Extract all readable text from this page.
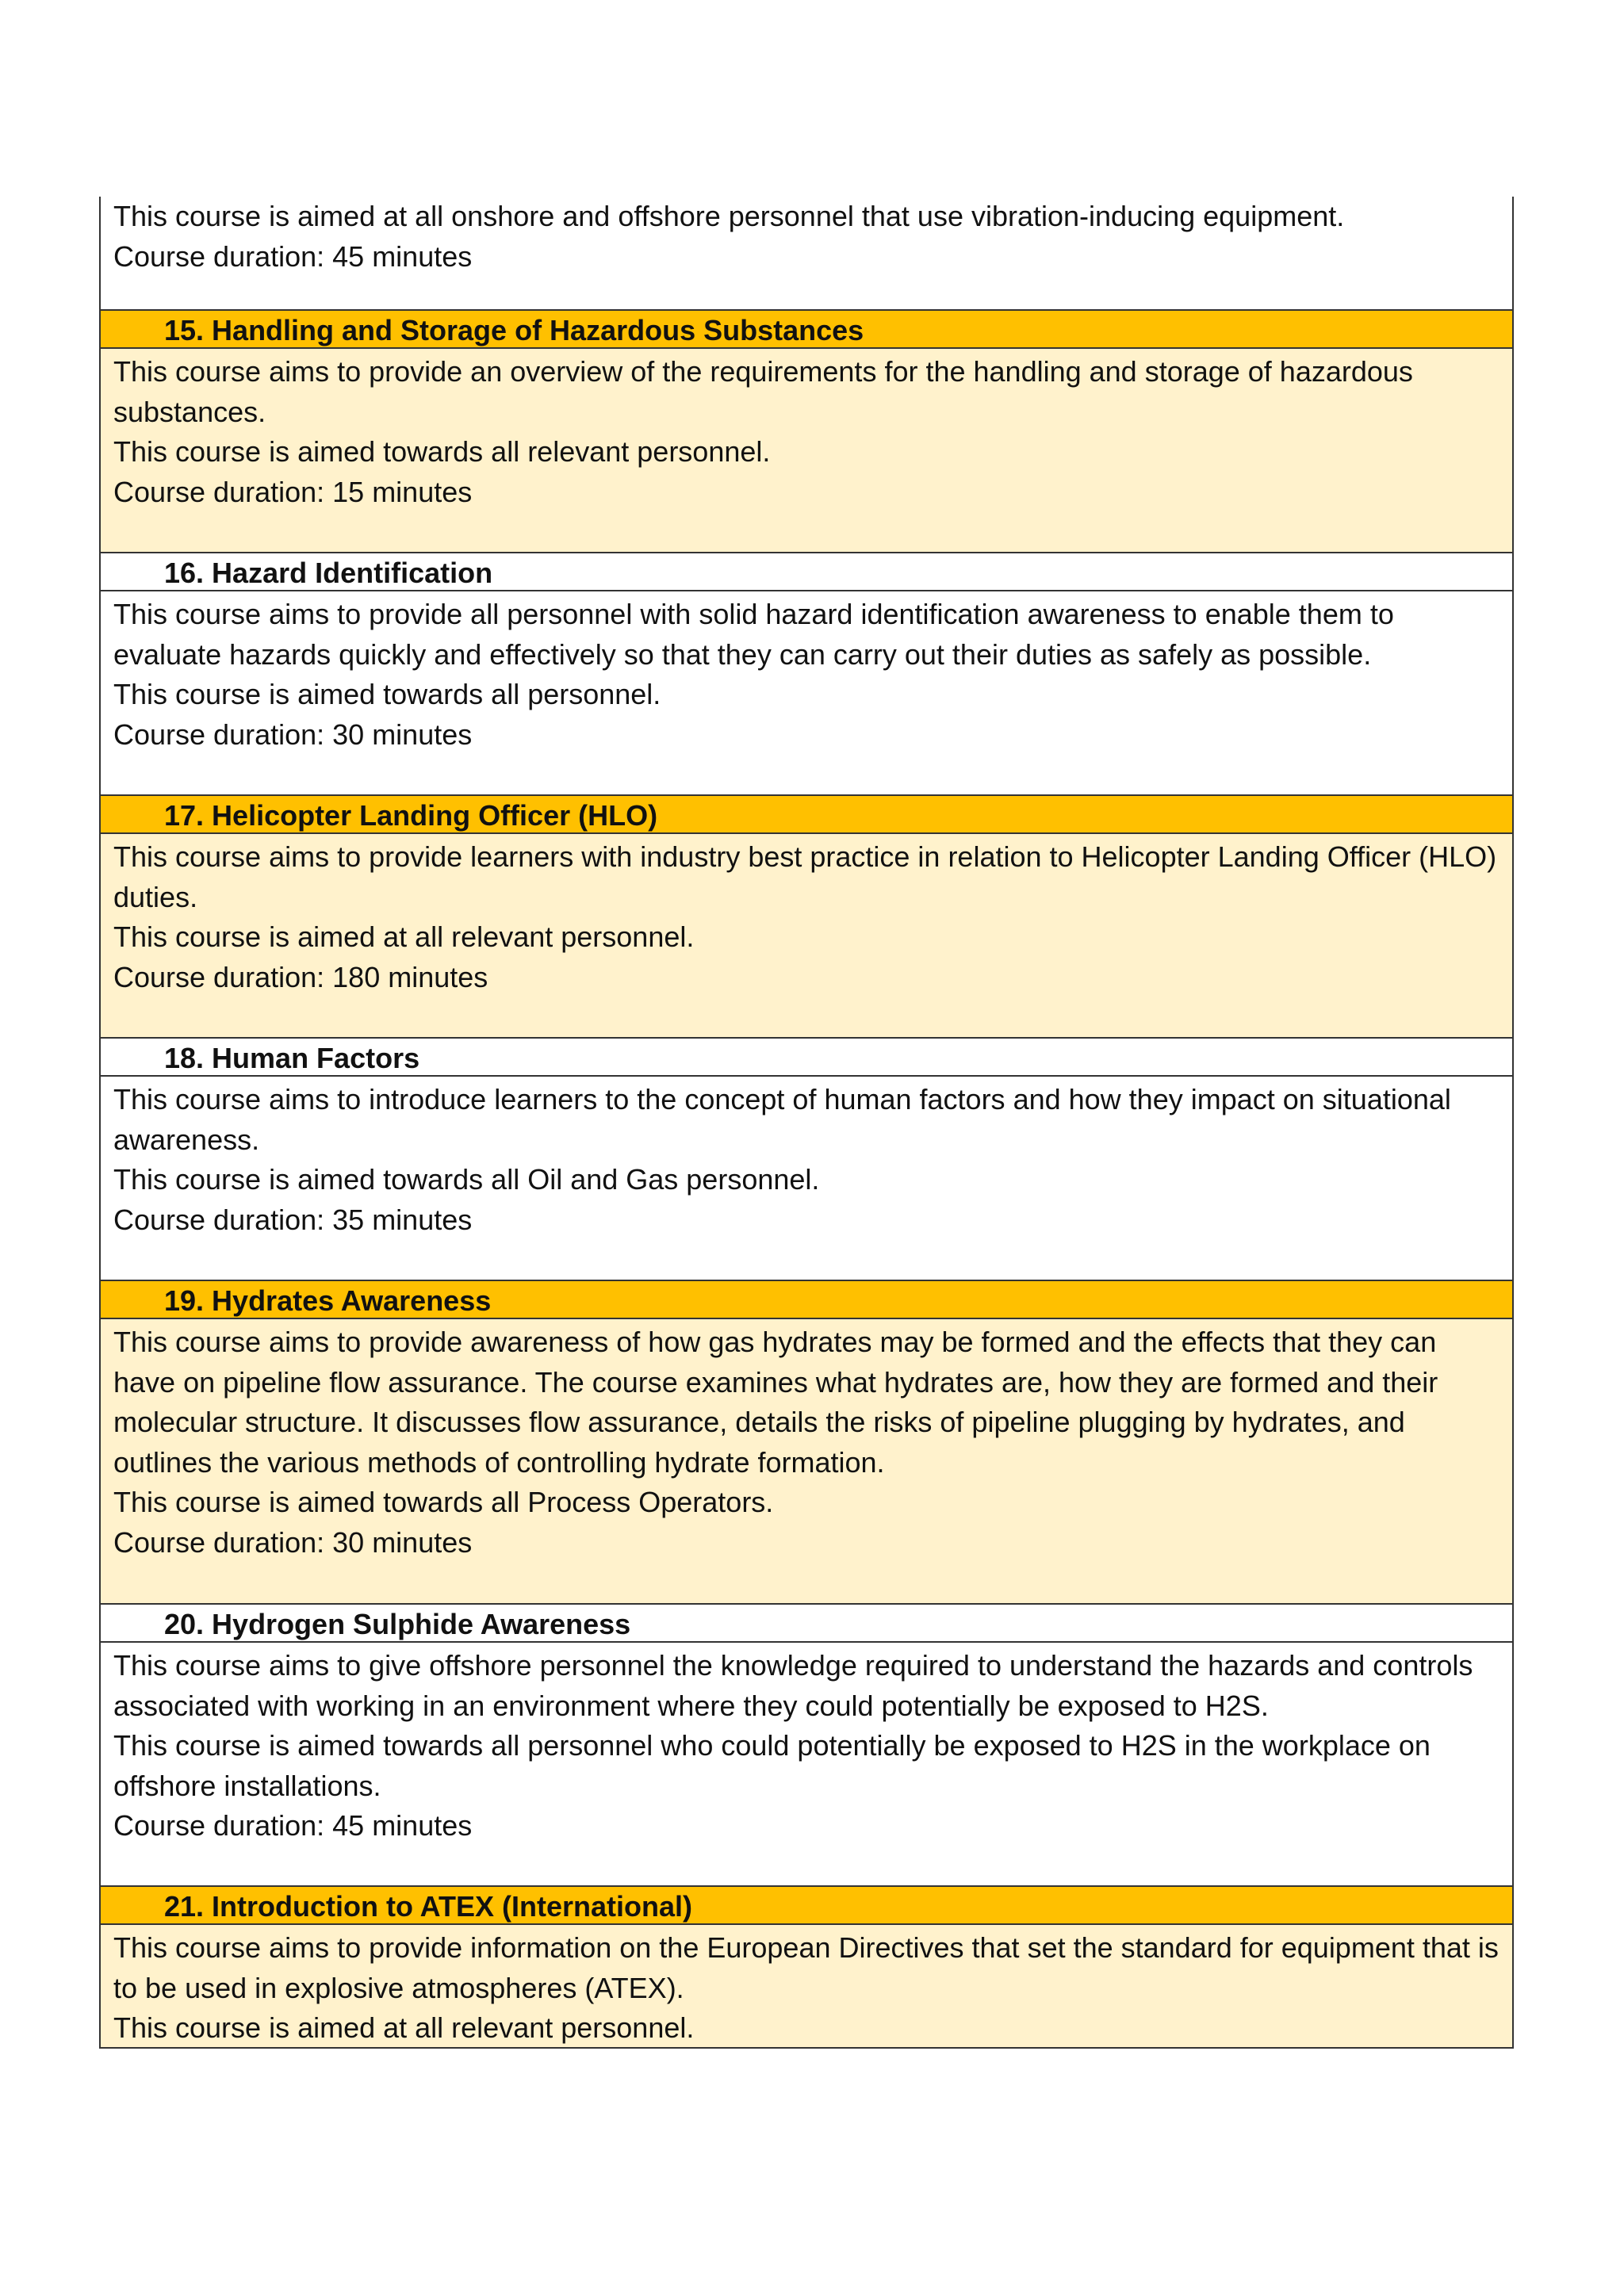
This course is aimed at all onshore and offshore personnel that use vibration-inducing equipment.

Course duration: 45 minutes

15. Handling and Storage of Hazardous Substances

This course aims to provide an overview of the requirements for the handling and storage of hazardous substances.

This course is aimed towards all relevant personnel.

Course duration: 15 minutes

16. Hazard Identification

This course aims to provide all personnel with solid hazard identification awareness to enable them to evaluate hazards quickly and effectively so that they can carry out their duties as safely as possible.

This course is aimed towards all personnel.

Course duration: 30 minutes

17. Helicopter Landing Officer (HLO)

This course aims to provide learners with industry best practice in relation to Helicopter Landing Officer (HLO) duties.

This course is aimed at all relevant personnel.

Course duration: 180 minutes

18. Human Factors

This course aims to introduce learners to the concept of human factors and how they impact on situational awareness.

This course is aimed towards all Oil and Gas personnel.

Course duration: 35 minutes

19. Hydrates Awareness

This course aims to provide awareness of how gas hydrates may be formed and the effects that they can have on pipeline flow assurance. The course examines what hydrates are, how they are formed and their molecular structure. It discusses flow assurance, details the risks of pipeline plugging by hydrates, and outlines the various methods of controlling hydrate formation.

This course is aimed towards all Process Operators.

Course duration: 30 minutes

20. Hydrogen Sulphide Awareness

This course aims to give offshore personnel the knowledge required to understand the hazards and controls associated with working in an environment where they could potentially be exposed to H2S.

This course is aimed towards all personnel who could potentially be exposed to H2S in the workplace on offshore installations.

Course duration: 45 minutes

21. Introduction to ATEX (International)

This course aims to provide information on the European Directives that set the standard for equipment that is to be used in explosive atmospheres (ATEX).

This course is aimed at all relevant personnel.
